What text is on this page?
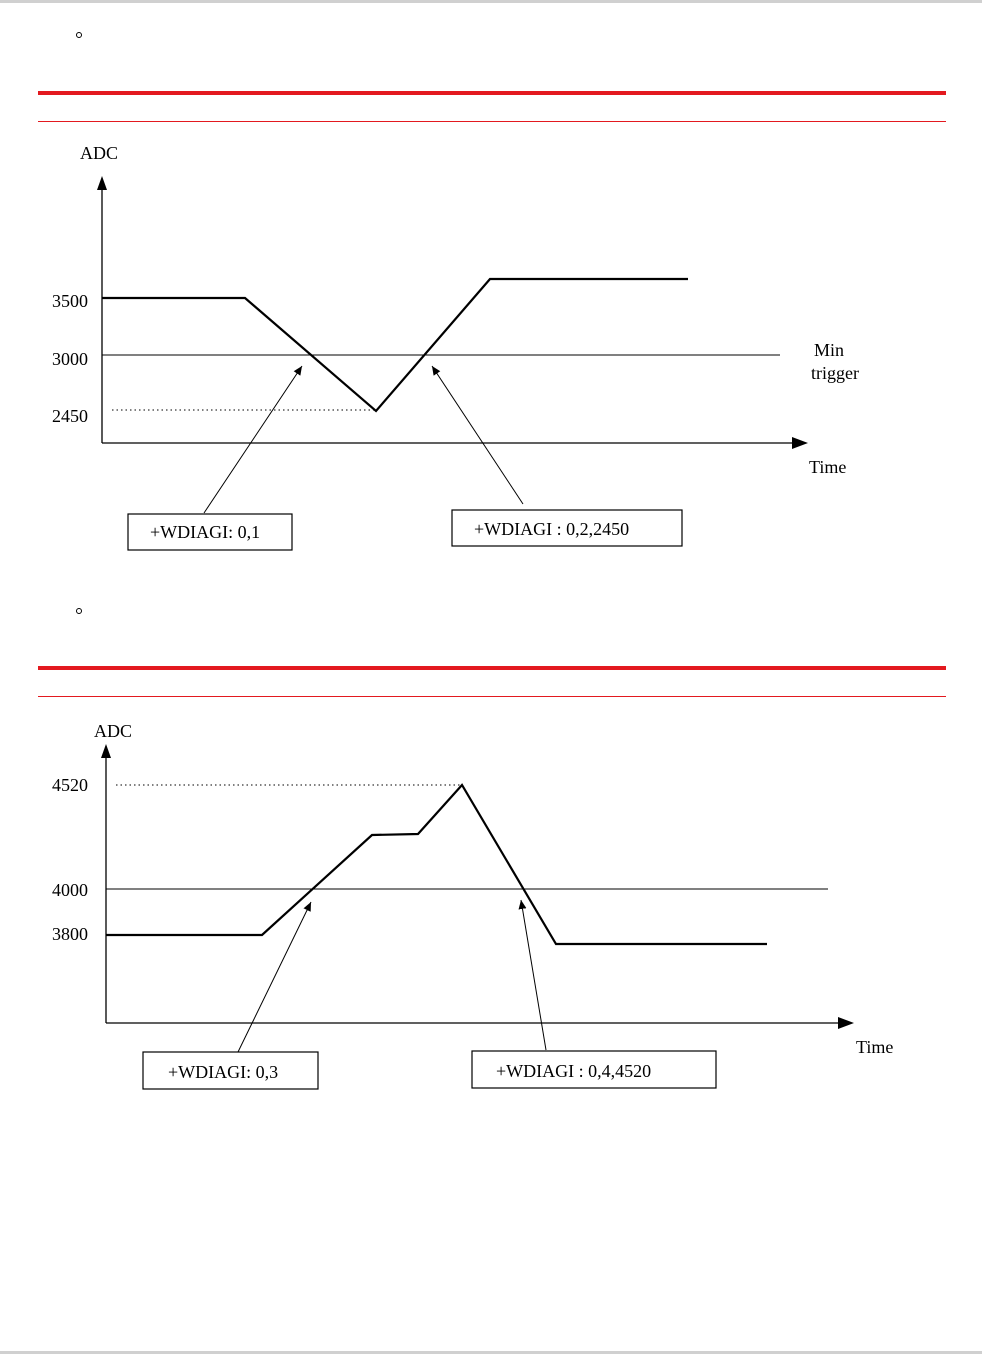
ADC
Time
3500
3000
2450
Min
trigger
+WDIAGI: 0,1	+WDIAGI : 0,2,2450
ADC
Time
4520
4000
3800
+WDIAGI: 0,3	+WDIAGI : 0,4,4520
